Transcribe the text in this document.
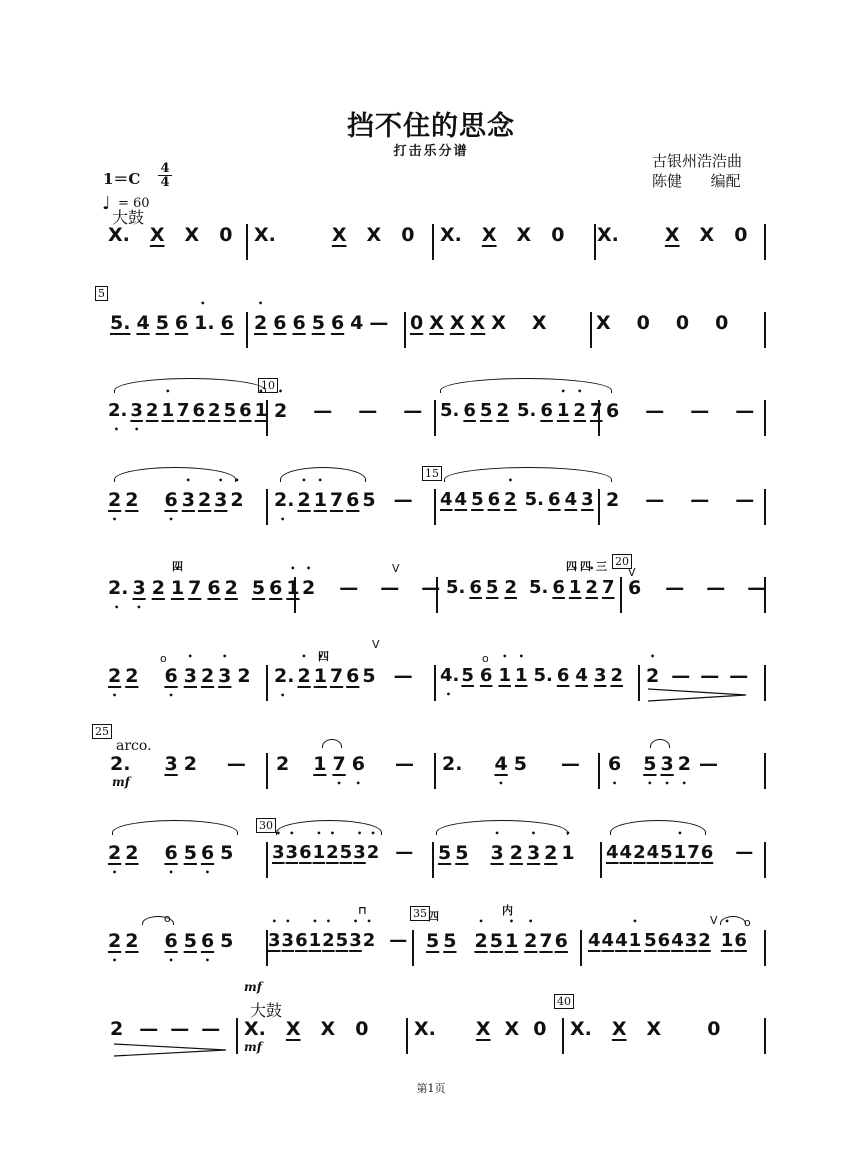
挡不住的思念
打击乐分谱
古银州浩浩曲
陈健      编配
$1=C \frac{4}{4}$
♩ = 60
大鼓
X. X X 0 X.	X X 0 X. X X 0 X. X X 0
5
5. 4 5 6 • 1. 6 • 2 6 6 5 6 4 — 0 X X X X X	X 0 0 0
10
2. • 3 • 2 • 1 7 6 2 5 6 • 1 • 2 — — — 5. 6 5 2 5. 6 • 1 • 2 7 6 — — —
15
2 • 2 6 • • 3 2 • 3 • 2 2. • • 2 • 1 7 6 5 — 4 4 5 6 • 2 5. 6 4 3 2 — — —
四	四 四 三 20
V	V
2. • 3 • 2 • 1 7 6 2 5 6 • 1 • 2 — — — 5. 6 5 2 5. 6 • 1 • 2 7 6 — — —
四
V
o	o
2 • 2 6 • • 3 2 • 3 2 2. • • 2 • 1 7 6 5 — 4. • 5 6 • 1 • 1 5. 6 4 3 2 • 2 — — —
25
arco.
mf
2. 3 2 — 2 1 7 • 6 • — 2. 4 • 5 — 6 • 5 • 3 • 2 • —
30
2 • 2 6 • 5 6 • 5 • 3 • 3 6 • 1 • 2 5 • 3 • 2 — 5 5 • 3 2 • 3 2 • 1 4 4 2 4 5 • 1 7 6 —
35 四	内
⊓
V
o	o
2 • 2 6 • 5 6 • 5 • 3 • 3 6 • 1 • 2 5 • 3 • 2 — 5 5 • 2 5 • 1 • 2 7 6 4 4 4 • 1 5 6 4 3 2 • 1 6
mf
大鼓
mf
40
2 — — — X. X X 0 X. X X 0 X. X X 0
第1页
